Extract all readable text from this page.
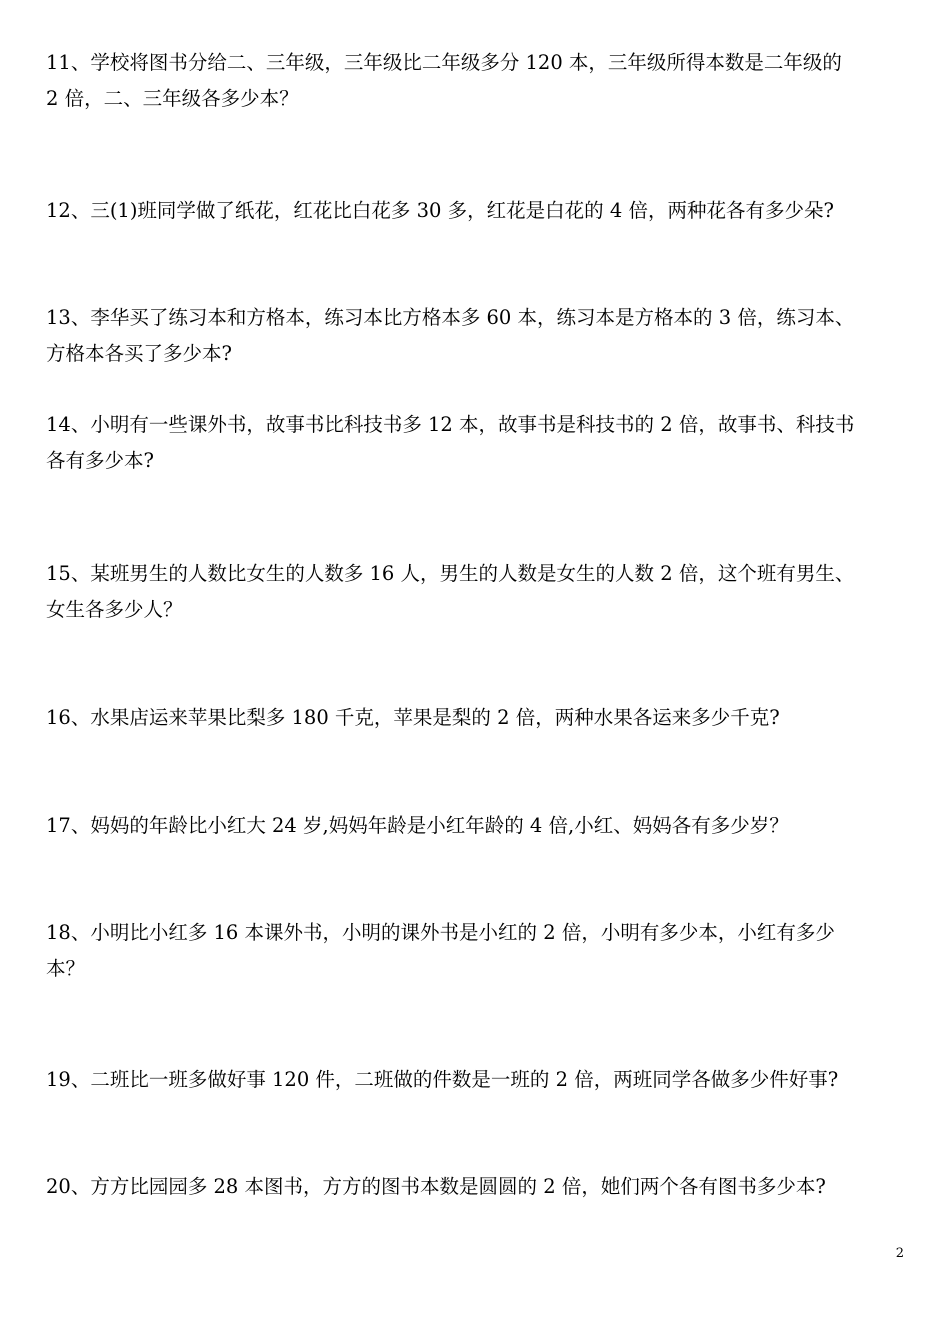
11、学校将图书分给二、三年级，三年级比二年级多分 120 本，三年级所得本数是二年级的
2 倍，二、三年级各多少本？
12、三(1)班同学做了纸花，红花比白花多 30 多，红花是白花的 4 倍，两种花各有多少朵?
13、李华买了练习本和方格本，练习本比方格本多 60 本，练习本是方格本的 3 倍，练习本、
方格本各买了多少本?
14、小明有一些课外书，故事书比科技书多 12 本，故事书是科技书的 2 倍，故事书、科技书
各有多少本?
15、某班男生的人数比女生的人数多 16 人，男生的人数是女生的人数 2 倍，这个班有男生、
女生各多少人？
16、水果店运来苹果比梨多 180 千克，苹果是梨的 2 倍，两种水果各运来多少千克?
17、妈妈的年龄比小红大 24 岁,妈妈年龄是小红年龄的 4 倍,小红、妈妈各有多少岁？
18、小明比小红多 16 本课外书，小明的课外书是小红的 2 倍，小明有多少本，小红有多少
本？
19、二班比一班多做好事 120 件，二班做的件数是一班的 2 倍，两班同学各做多少件好事?
20、方方比园园多 28 本图书，方方的图书本数是圆圆的 2 倍，她们两个各有图书多少本?
2
